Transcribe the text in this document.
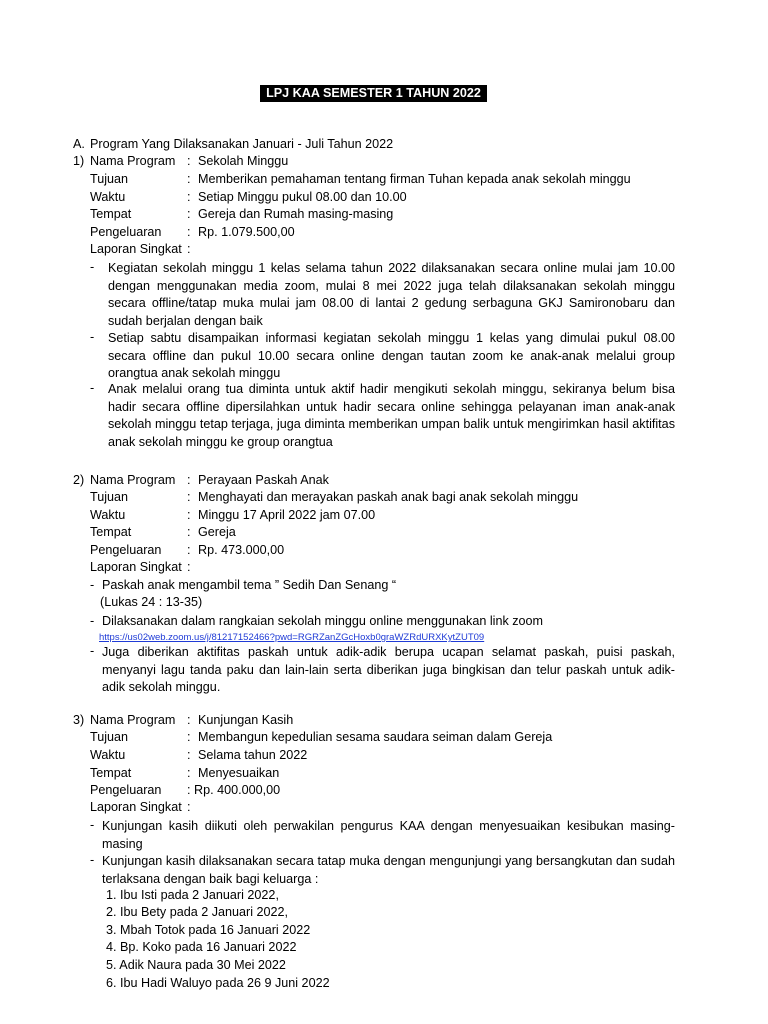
LPJ KAA SEMESTER 1 TAHUN 2022
A. Program Yang Dilaksanakan Januari - Juli Tahun 2022
1) Nama Program : Sekolah Minggu
Tujuan	: Memberikan pemahaman tentang firman Tuhan kepada anak sekolah minggu
Waktu	: Setiap Minggu pukul 08.00 dan 10.00
Tempat	: Gereja dan Rumah masing-masing
Pengeluaran : Rp. 1.079.500,00
Laporan Singkat :
- Kegiatan sekolah minggu 1 kelas selama tahun 2022 dilaksanakan secara online mulai jam 10.00 dengan menggunakan media zoom, mulai 8 mei 2022 juga telah dilaksanakan sekolah minggu secara offline/tatap muka mulai jam 08.00 di lantai 2 gedung serbaguna GKJ Samironobaru dan sudah berjalan dengan baik
- Setiap sabtu disampaikan informasi kegiatan sekolah minggu 1 kelas yang dimulai pukul 08.00 secara offline dan pukul 10.00 secara online dengan tautan zoom ke anak-anak melalui group orangtua anak sekolah minggu
- Anak melalui orang tua diminta untuk aktif hadir mengikuti sekolah minggu, sekiranya belum bisa hadir secara offline dipersilahkan untuk hadir secara online sehingga pelayanan iman anak-anak sekolah minggu tetap terjaga, juga diminta memberikan umpan balik untuk mengirimkan hasil aktifitas anak sekolah minggu ke group orangtua
2) Nama Program : Perayaan Paskah Anak
Tujuan	: Menghayati dan merayakan paskah anak bagi anak sekolah minggu
Waktu	: Minggu 17 April 2022 jam 07.00
Tempat	: Gereja
Pengeluaran : Rp. 473.000,00
Laporan Singkat :
- Paskah anak mengambil tema ” Sedih Dan Senang “
(Lukas 24 : 13-35)
- Dilaksanakan dalam rangkaian sekolah minggu online menggunakan link zoom
https://us02web.zoom.us/j/81217152466?pwd=RGRZanZGcHoxb0graWZRdURXKytZUT09
- Juga diberikan aktifitas paskah untuk adik-adik berupa ucapan selamat paskah, puisi paskah, menyanyi lagu tanda paku dan lain-lain serta diberikan juga bingkisan dan telur paskah untuk adik-adik sekolah minggu.
3) Nama Program : Kunjungan Kasih
Tujuan	: Membangun kepedulian sesama saudara seiman dalam Gereja
Waktu	: Selama tahun 2022
Tempat	: Menyesuaikan
Pengeluaran : Rp. 400.000,00
Laporan Singkat :
- Kunjungan kasih diikuti oleh perwakilan pengurus KAA dengan menyesuaikan kesibukan masing-masing
- Kunjungan kasih dilaksanakan secara tatap muka dengan mengunjungi yang bersangkutan dan sudah terlaksana dengan baik bagi keluarga :
1. Ibu Isti pada 2 Januari 2022,
2. Ibu Bety pada 2 Januari 2022,
3. Mbah Totok pada 16 Januari 2022
4. Bp. Koko pada 16 Januari 2022
5. Adik Naura pada 30 Mei 2022
6. Ibu Hadi Waluyo pada 26 9 Juni 2022
